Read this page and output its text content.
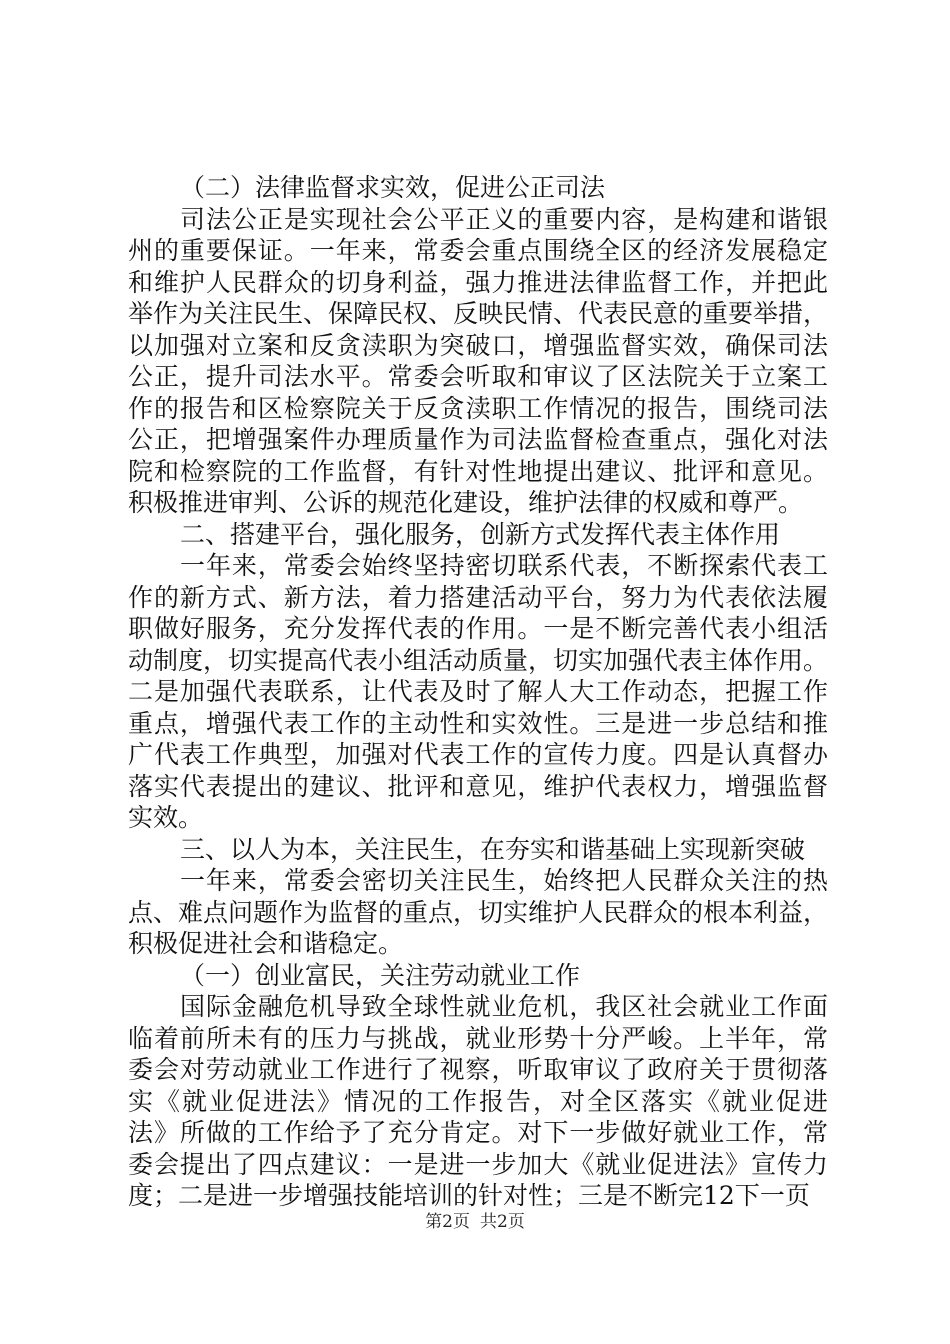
（二）法律监督求实效，促进公正司法
司法公正是实现社会公平正义的重要内容，是构建和谐银
州的重要保证。一年来，常委会重点围绕全区的经济发展稳定
和维护人民群众的切身利益，强力推进法律监督工作，并把此
举作为关注民生、保障民权、反映民情、代表民意的重要举措，
以加强对立案和反贪渎职为突破口，增强监督实效，确保司法
公正，提升司法水平。常委会听取和审议了区法院关于立案工
作的报告和区检察院关于反贪渎职工作情况的报告，围绕司法
公正，把增强案件办理质量作为司法监督检查重点，强化对法
院和检察院的工作监督，有针对性地提出建议、批评和意见。
积极推进审判、公诉的规范化建设，维护法律的权威和尊严。
二、搭建平台，强化服务，创新方式发挥代表主体作用
一年来，常委会始终坚持密切联系代表，不断探索代表工
作的新方式、新方法，着力搭建活动平台，努力为代表依法履
职做好服务，充分发挥代表的作用。一是不断完善代表小组活
动制度，切实提高代表小组活动质量，切实加强代表主体作用。
二是加强代表联系，让代表及时了解人大工作动态，把握工作
重点，增强代表工作的主动性和实效性。三是进一步总结和推
广代表工作典型，加强对代表工作的宣传力度。四是认真督办
落实代表提出的建议、批评和意见，维护代表权力，增强监督
实效。
三、以人为本，关注民生，在夯实和谐基础上实现新突破
一年来，常委会密切关注民生，始终把人民群众关注的热
点、难点问题作为监督的重点，切实维护人民群众的根本利益，
积极促进社会和谐稳定。
（一）创业富民，关注劳动就业工作
国际金融危机导致全球性就业危机，我区社会就业工作面
临着前所未有的压力与挑战，就业形势十分严峻。上半年，常
委会对劳动就业工作进行了视察，听取审议了政府关于贯彻落
实《就业促进法》情况的工作报告，对全区落实《就业促进
法》所做的工作给予了充分肯定。对下一步做好就业工作，常
委会提出了四点建议：一是进一步加大《就业促进法》宣传力
度；二是进一步增强技能培训的针对性；三是不断完12下一页
第2页 共2页
